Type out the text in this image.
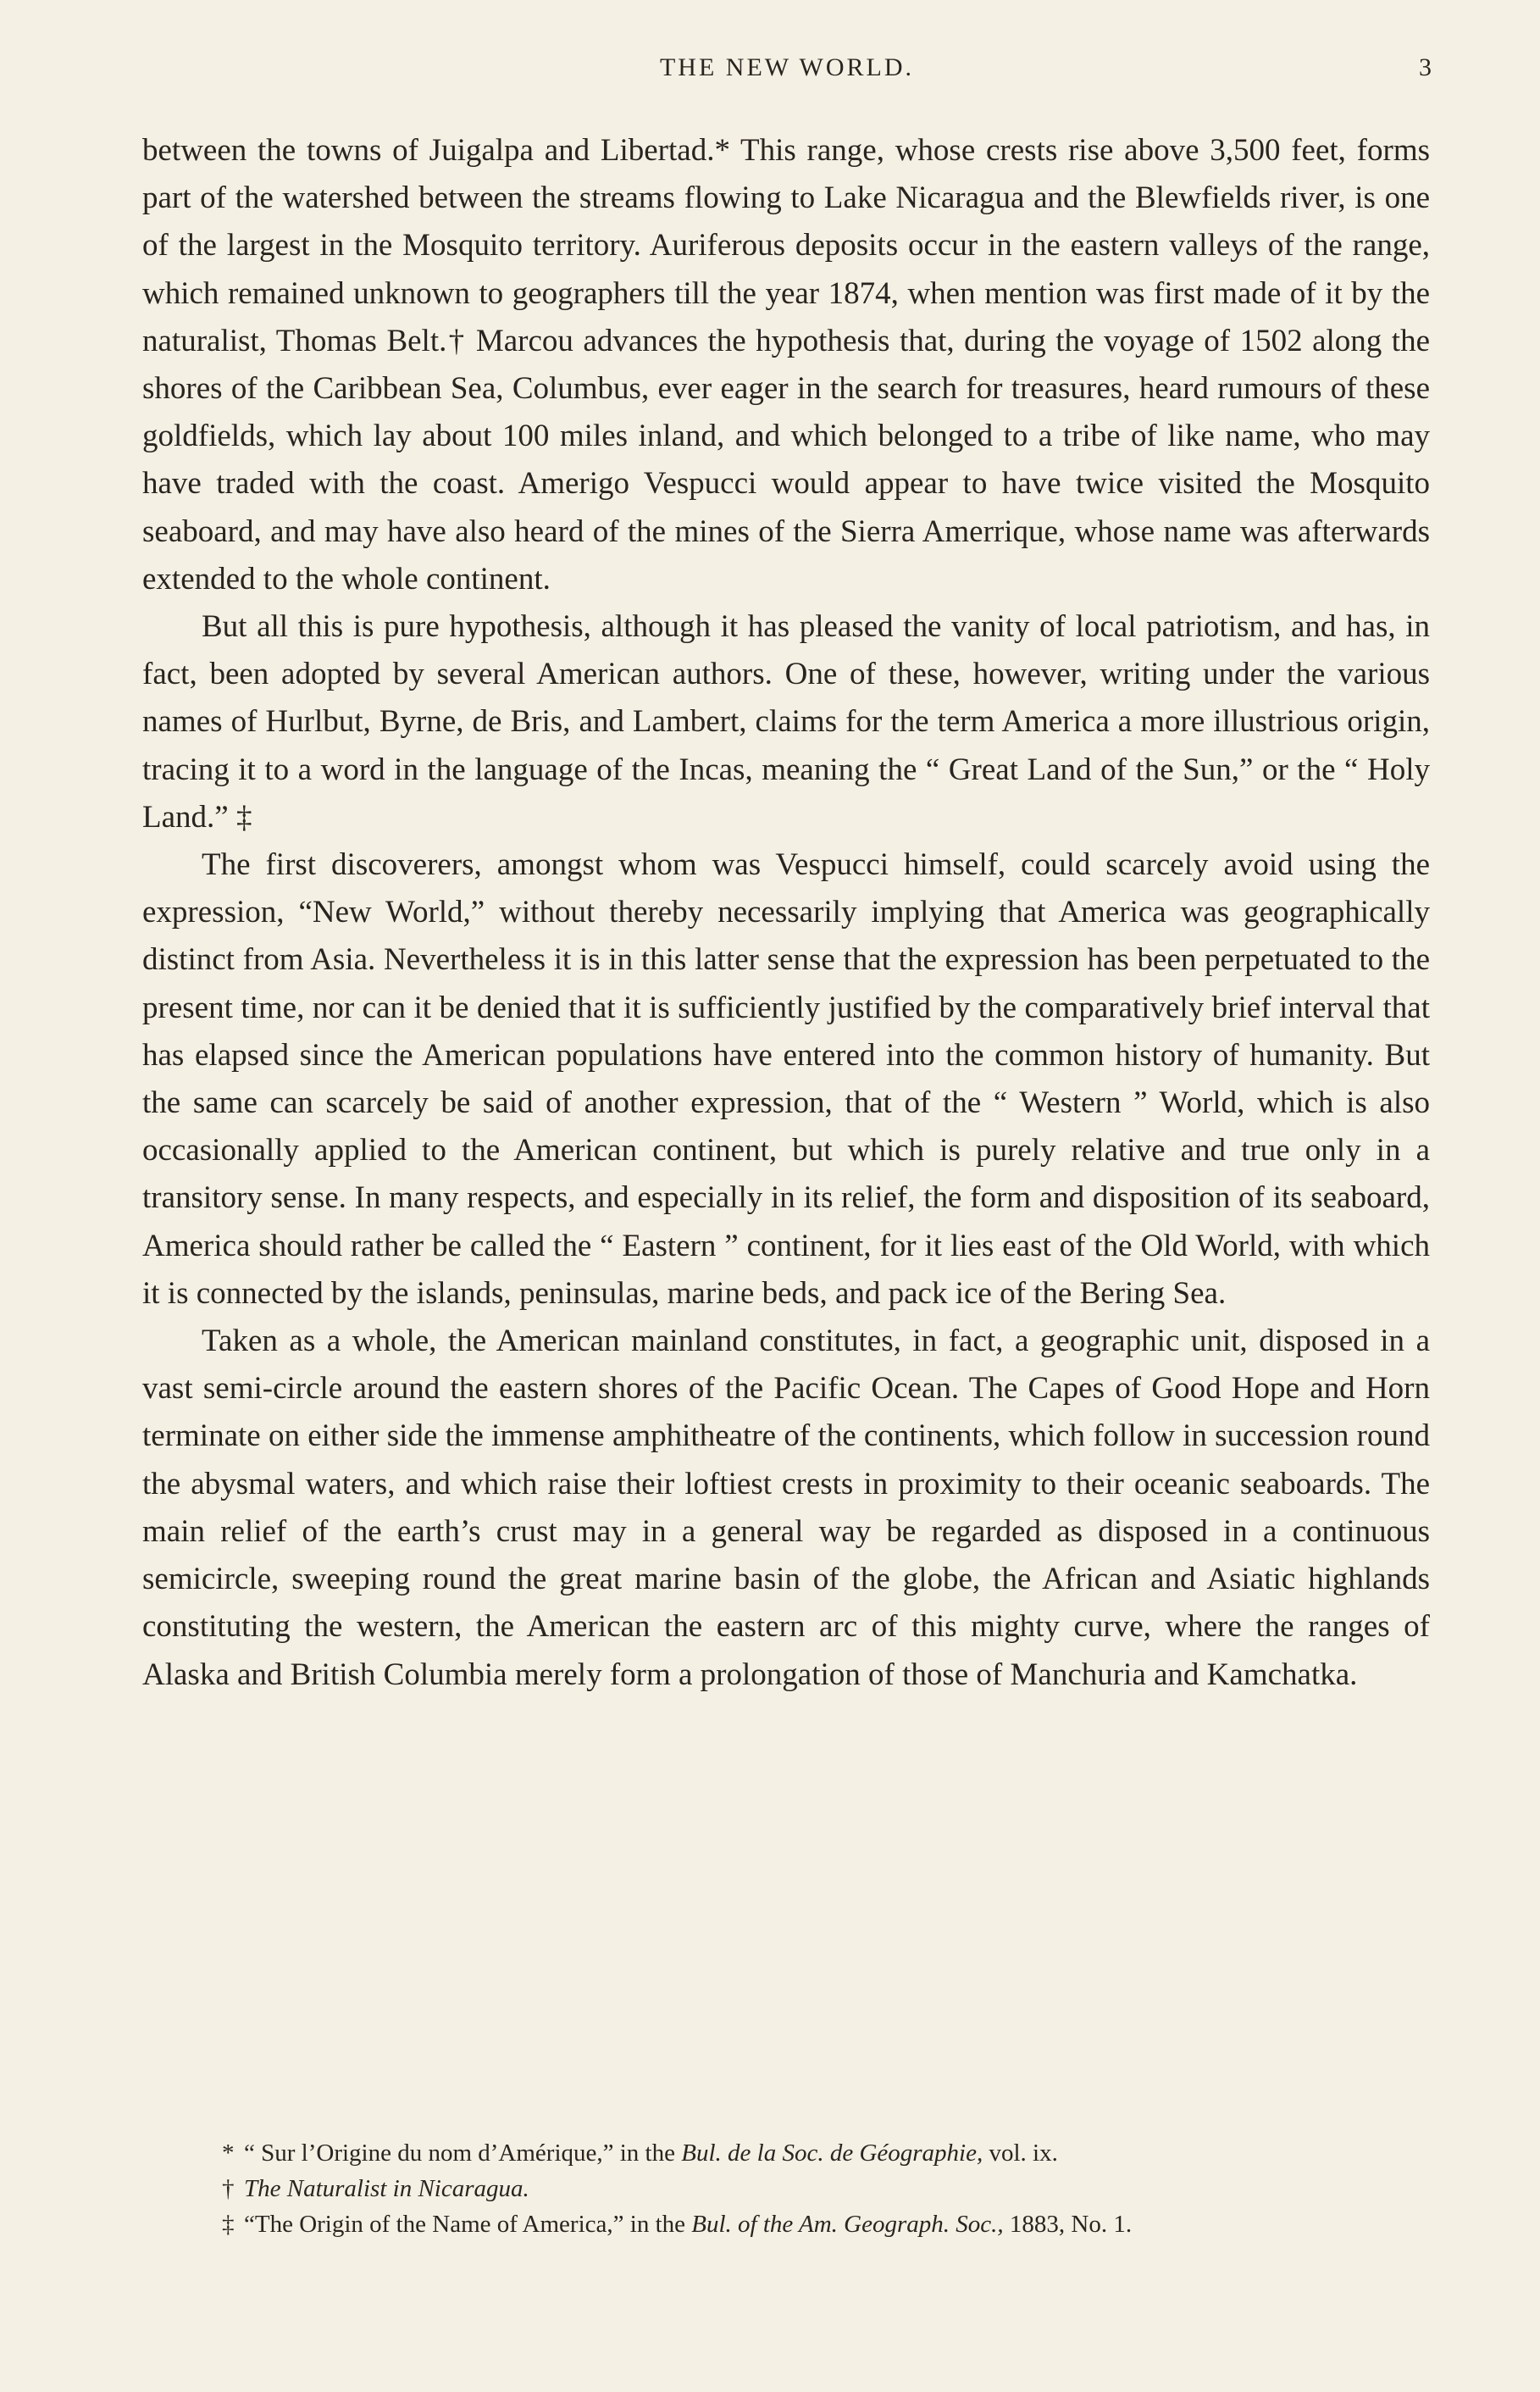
THE NEW WORLD.	3

between the towns of Juigalpa and Libertad.* This range, whose crests rise above 3,500 feet, forms part of the watershed between the streams flowing to Lake Nicaragua and the Blewfields river, is one of the largest in the Mosquito territory. Auriferous deposits occur in the eastern valleys of the range, which remained unknown to geographers till the year 1874, when mention was first made of it by the naturalist, Thomas Belt.† Marcou advances the hypothesis that, during the voyage of 1502 along the shores of the Caribbean Sea, Columbus, ever eager in the search for treasures, heard rumours of these goldfields, which lay about 100 miles inland, and which belonged to a tribe of like name, who may have traded with the coast. Amerigo Vespucci would appear to have twice visited the Mosquito seaboard, and may have also heard of the mines of the Sierra Amerrique, whose name was afterwards extended to the whole continent.

But all this is pure hypothesis, although it has pleased the vanity of local patriotism, and has, in fact, been adopted by several American authors. One of these, however, writing under the various names of Hurlbut, Byrne, de Bris, and Lambert, claims for the term America a more illustrious origin, tracing it to a word in the language of the Incas, meaning the “ Great Land of the Sun,” or the “ Holy Land.” ‡

The first discoverers, amongst whom was Vespucci himself, could scarcely avoid using the expression, “New World,” without thereby necessarily implying that America was geographically distinct from Asia. Nevertheless it is in this latter sense that the expression has been perpetuated to the present time, nor can it be denied that it is sufficiently justified by the comparatively brief interval that has elapsed since the American populations have entered into the common history of humanity. But the same can scarcely be said of another expression, that of the “ Western ” World, which is also occasionally applied to the American continent, but which is purely relative and true only in a transitory sense. In many respects, and especially in its relief, the form and disposition of its seaboard, America should rather be called the “ Eastern ” continent, for it lies east of the Old World, with which it is connected by the islands, peninsulas, marine beds, and pack ice of the Bering Sea.

Taken as a whole, the American mainland constitutes, in fact, a geographic unit, disposed in a vast semi-circle around the eastern shores of the Pacific Ocean. The Capes of Good Hope and Horn terminate on either side the immense amphitheatre of the continents, which follow in succession round the abysmal waters, and which raise their loftiest crests in proximity to their oceanic seaboards. The main relief of the earth’s crust may in a general way be regarded as disposed in a continuous semicircle, sweeping round the great marine basin of the globe, the African and Asiatic highlands constituting the western, the American the eastern arc of this mighty curve, where the ranges of Alaska and British Columbia merely form a prolongation of those of Manchuria and Kamchatka.

* “ Sur l’Origine du nom d’Amérique,” in the Bul. de la Soc. de Géographie, vol. ix.

† The Naturalist in Nicaragua.

‡ “The Origin of the Name of America,” in the Bul. of the Am. Geograph. Soc., 1883, No. 1.
